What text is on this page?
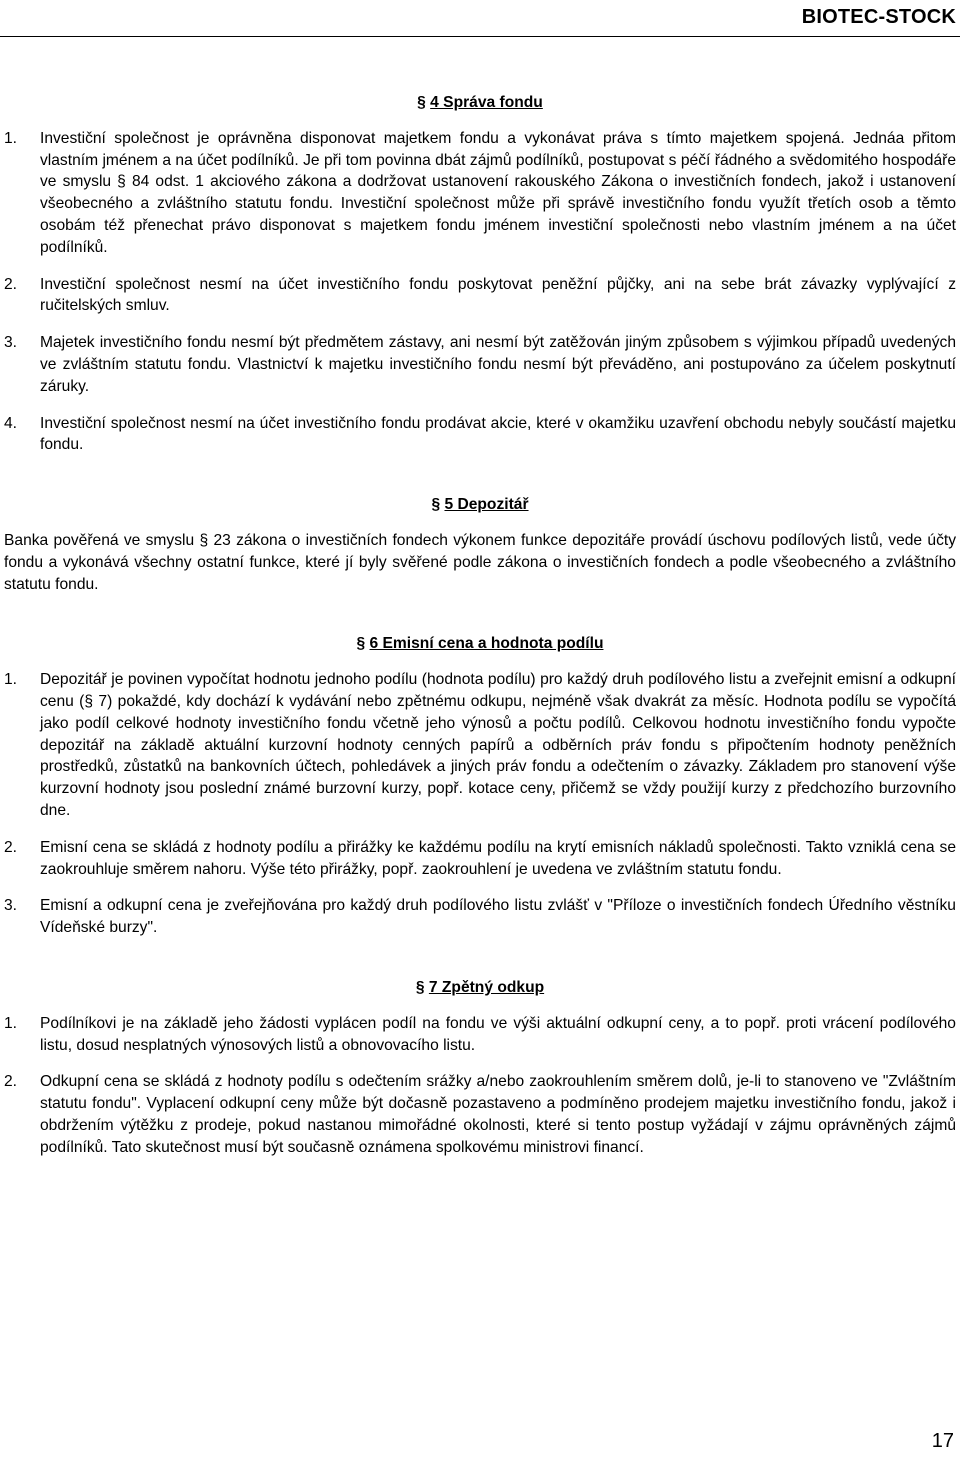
BIOTEC-STOCK
§ 4 Správa fondu
1.	Investiční společnost je oprávněna disponovat majetkem fondu a vykonávat práva s tímto majetkem spojená. Jednáa přitom vlastním jménem a na účet podílníků. Je při tom povinna dbát zájmů podílníků, postupovat s péčí řádného a svědomitého hospodáře ve smyslu § 84 odst. 1 akciového zákona a dodržovat ustanovení rakouského Zákona o investičních fondech, jakož i ustanovení všeobecného a zvláštního statutu fondu. Investiční společnost může při správě investičního fondu využít třetích osob a těmto osobám též přenechat právo disponovat s majetkem fondu jménem investiční společnosti nebo vlastním jménem a na účet podílníků.
2.	Investiční společnost nesmí na účet investičního fondu poskytovat peněžní půjčky, ani na sebe brát závazky vyplývající z ručitelských smluv.
3.	Majetek investičního fondu nesmí být předmětem zástavy, ani nesmí být zatěžován jiným způsobem s výjimkou případů uvedených ve zvláštním statutu fondu. Vlastnictví k majetku investičního fondu nesmí být převáděno, ani postupováno za účelem poskytnutí záruky.
4.	Investiční společnost nesmí na účet investičního fondu prodávat akcie, které v okamžiku uzavření obchodu nebyly součástí majetku fondu.
§ 5 Depozitář

Banka pověřená ve smyslu § 23 zákona o investičních fondech výkonem funkce depozitáře provádí úschovu podílových listů, vede účty fondu a vykonává všechny ostatní funkce, které jí byly svěřené podle zákona o investičních fondech a podle všeobecného a zvláštního statutu fondu.

§ 6 Emisní cena a hodnota podílu
1.	Depozitář je povinen vypočítat hodnotu jednoho podílu (hodnota podílu) pro každý druh podílového listu a zveřejnit emisní a odkupní cenu (§ 7) pokaždé, kdy dochází k vydávání nebo zpětnému odkupu, nejméně však dvakrát za měsíc. Hodnota podílu se vypočítá jako podíl celkové hodnoty investičního fondu včetně jeho výnosů a počtu podílů. Celkovou hodnotu investičního fondu vypočte depozitář na základě aktuální kurzovní hodnoty cenných papírů a odběrních práv fondu s připočtením hodnoty peněžních prostředků, zůstatků na bankovních účtech, pohledávek a jiných práv fondu a odečtením o závazky. Základem pro stanovení výše kurzovní hodnoty jsou poslední známé burzovní kurzy, popř. kotace ceny, přičemž se vždy použijí kurzy z předchozího burzovního dne.
2.	Emisní cena se skládá z hodnoty podílu a přirážky ke každému podílu na krytí emisních nákladů společnosti. Takto vzniklá cena se zaokrouhluje směrem nahoru. Výše této přirážky, popř. zaokrouhlení je uvedena ve zvláštním statutu fondu.
3.	Emisní a odkupní cena je zveřejňována pro každý druh podílového listu zvlášť v "Příloze o investičních fondech Úředního věstníku Vídeňské burzy".
§ 7 Zpětný odkup
1.	Podílníkovi je na základě jeho žádosti vyplácen podíl na fondu ve výši aktuální odkupní ceny, a to popř. proti vrácení podílového listu, dosud nesplatných výnosových listů a obnovovacího listu.
2.	Odkupní cena se skládá z hodnoty podílu s odečtením srážky a/nebo zaokrouhlením směrem dolů, je-li to stanoveno ve "Zvláštním statutu fondu". Vyplacení odkupní ceny může být dočasně pozastaveno a podmíněno prodejem majetku investičního fondu, jakož i obdržením výtěžku z prodeje, pokud nastanou mimořádné okolnosti, které si tento postup vyžádají v zájmu oprávněných zájmů podílníků. Tato skutečnost musí být současně oznámena spolkovému ministrovi financí.
17
